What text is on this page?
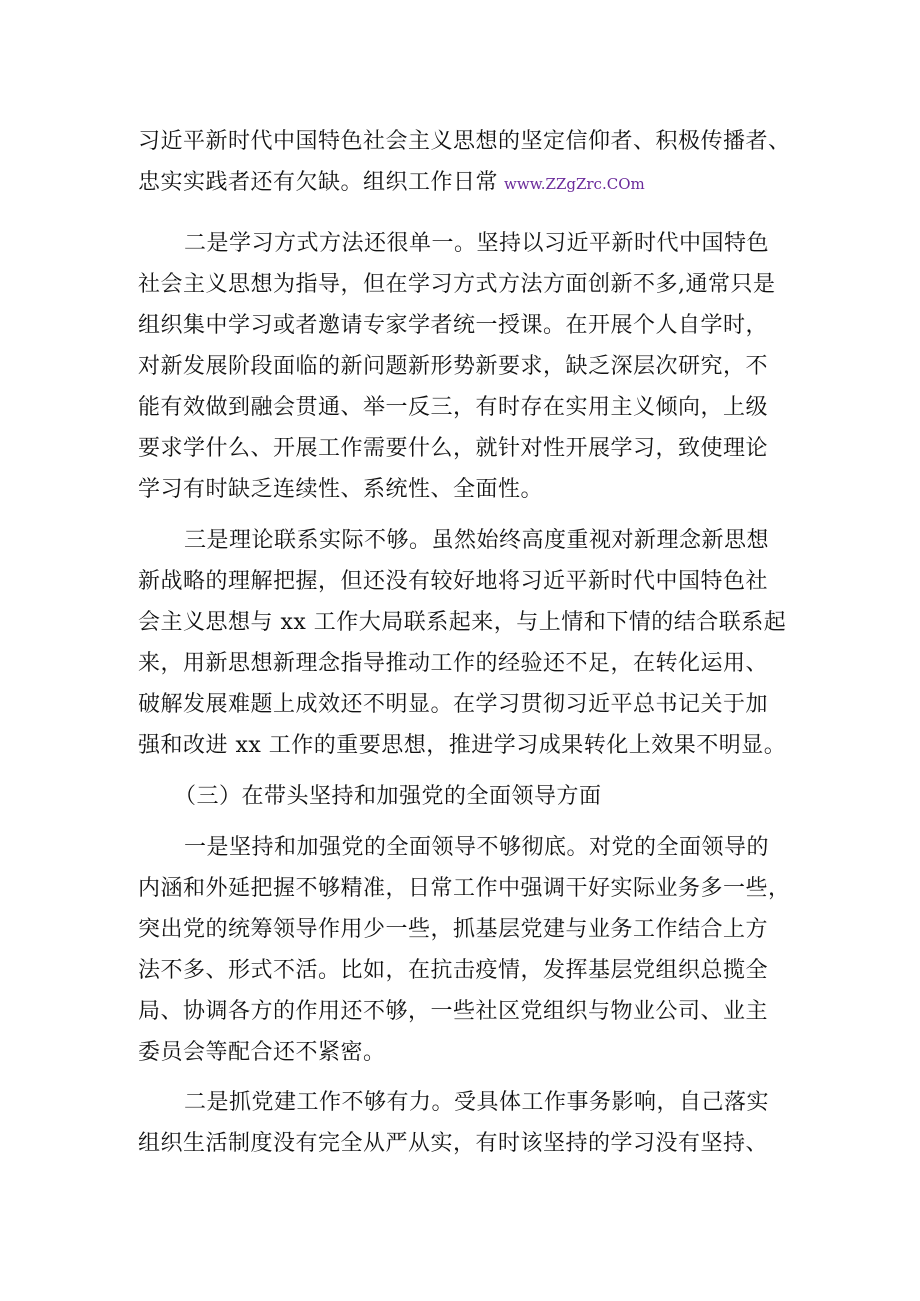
习近平新时代中国特色社会主义思想的坚定信仰者、积极传播者、
忠实实践者还有欠缺。组织工作日常 www.ZZgZrc.COm
二是学习方式方法还很单一。坚持以习近平新时代中国特色
社会主义思想为指导，但在学习方式方法方面创新不多,通常只是
组织集中学习或者邀请专家学者统一授课。在开展个人自学时，
对新发展阶段面临的新问题新形势新要求，缺乏深层次研究，不
能有效做到融会贯通、举一反三，有时存在实用主义倾向，上级
要求学什么、开展工作需要什么，就针对性开展学习，致使理论
学习有时缺乏连续性、系统性、全面性。
三是理论联系实际不够。虽然始终高度重视对新理念新思想
新战略的理解把握，但还没有较好地将习近平新时代中国特色社
会主义思想与 xx 工作大局联系起来，与上情和下情的结合联系起
来，用新思想新理念指导推动工作的经验还不足，在转化运用、
破解发展难题上成效还不明显。在学习贯彻习近平总书记关于加
强和改进 xx 工作的重要思想，推进学习成果转化上效果不明显。
（三）在带头坚持和加强党的全面领导方面
一是坚持和加强党的全面领导不够彻底。对党的全面领导的
内涵和外延把握不够精准，日常工作中强调干好实际业务多一些，
突出党的统筹领导作用少一些，抓基层党建与业务工作结合上方
法不多、形式不活。比如，在抗击疫情，发挥基层党组织总揽全
局、协调各方的作用还不够，一些社区党组织与物业公司、业主
委员会等配合还不紧密。
二是抓党建工作不够有力。受具体工作事务影响，自己落实
组织生活制度没有完全从严从实，有时该坚持的学习没有坚持、
